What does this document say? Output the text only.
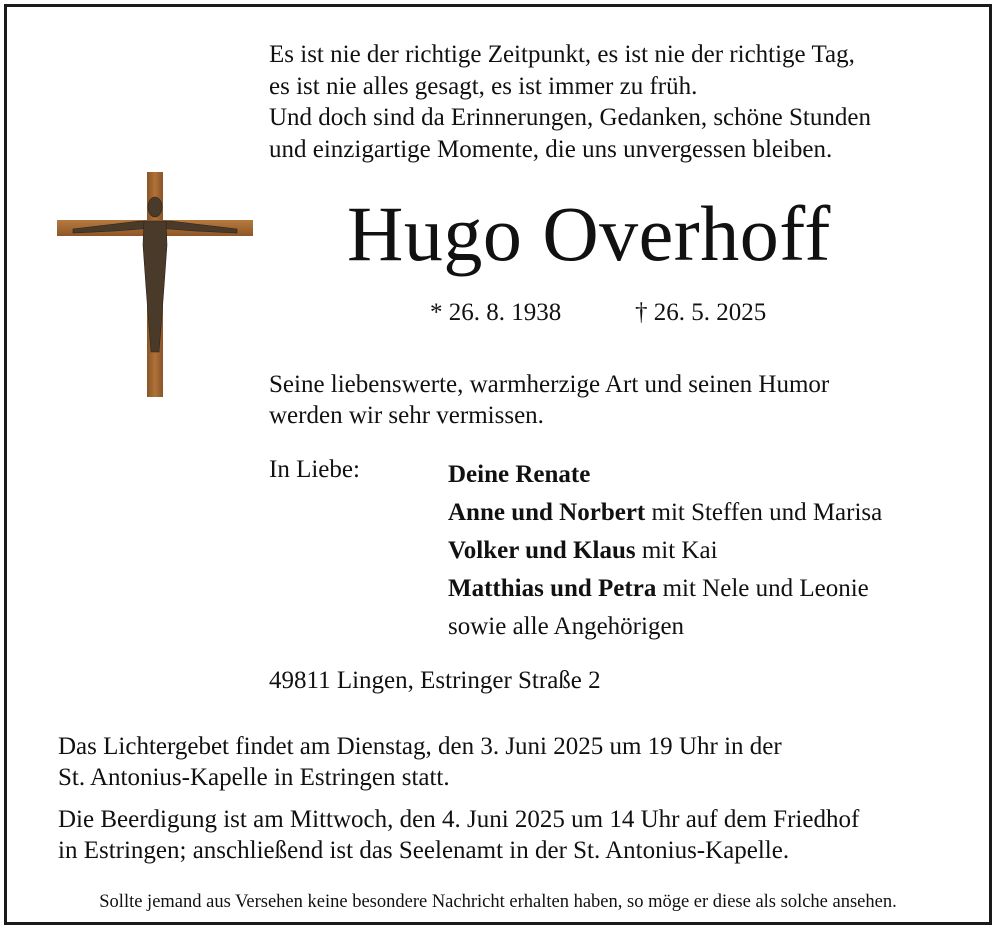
Es ist nie der richtige Zeitpunkt, es ist nie der richtige Tag,
es ist nie alles gesagt, es ist immer zu früh.
Und doch sind da Erinnerungen, Gedanken, schöne Stunden
und einzigartige Momente, die uns unvergessen bleiben.
Hugo Overhoff
* 26. 8. 1938	† 26. 5. 2025
Seine liebenswerte, warmherzige Art und seinen Humor
werden wir sehr vermissen.
In Liebe:	Deine Renate
Anne und Norbert mit Steffen und Marisa
Volker und Klaus mit Kai
Matthias und Petra mit Nele und Leonie
sowie alle Angehörigen
49811 Lingen, Estringer Straße 2
Das Lichtergebet findet am Dienstag, den 3. Juni 2025 um 19 Uhr in der
St. Antonius-Kapelle in Estringen statt.
Die Beerdigung ist am Mittwoch, den 4. Juni 2025 um 14 Uhr auf dem Friedhof
in Estringen; anschließend ist das Seelenamt in der St. Antonius-Kapelle.
Sollte jemand aus Versehen keine besondere Nachricht erhalten haben, so möge er diese als solche ansehen.
